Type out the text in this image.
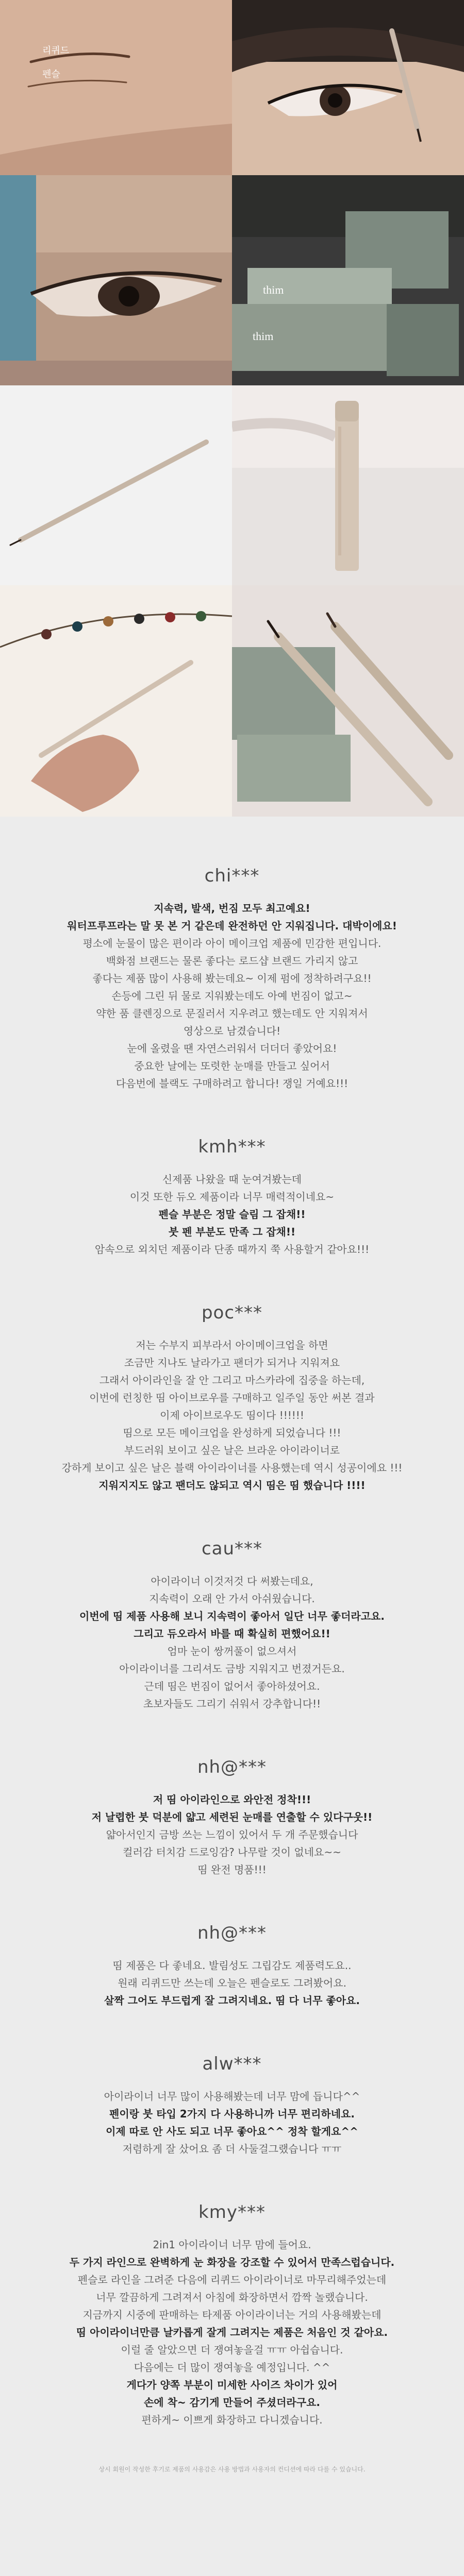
리퀴드
펜슬
thim
thim

chi***

지속력, 발색, 번짐 모두 최고예요!

워터프루프라는 말 못 본 거 같은데 완전하던 안 지워집니다. 대박이에요!

평소에 눈물이 많은 편이라 아이 메이크업 제품에 민감한 편입니다.

백화점 브랜드는 물론 좋다는 로드샵 브랜드 가리지 않고

좋다는 제품 많이 사용해 봤는데요~ 이제 펌에 정착하려구요!!

손등에 그린 뒤 물로 지워봤는데도 아예 번짐이 없고~

약한 품 클렌징으로 문질러서 지우려고 했는데도 안 지워져서

영상으로 남겼습니다!

눈에 올렸을 땐 자연스러워서 더더더 좋았어요!

중요한 날에는 또렷한 눈매를 만들고 싶어서

다음번에 블랙도 구매하려고 합니다! 쟁일 거예요!!!

kmh***

신제품 나왔을 때 눈여겨봤는데

이것 또한 듀오 제품이라 너무 매력적이네요~

펜슬 부분은 정말 슬림 그 잡채!!

붓 펜 부분도 만족 그 잡채!!

암속으로 외치던 제품이라 단종 때까지 쭉 사용할거 같아요!!!

poc***

저는 수부지 피부라서 아이메이크업을 하면

조금만 지나도 날라가고 팬더가 되거나 지워져요

그래서 아이라인을 잘 안 그리고 마스카라에 집중을 하는데,

이번에 런칭한 띰 아이브로우를 구매하고 일주일 동안 써본 결과

이제 아이브로우도 띰이다 !!!!!!

띰으로 모든 메이크업을 완성하게 되었습니다 !!!

부드러워 보이고 싶은 날은 브라운 아이라이너로

강하게 보이고 싶은 날은 블랙 아이라이너를 사용했는데 역시 성공이에요 !!!

지워지지도 않고 팬더도 않되고 역시 띰은 띰 했습니다 !!!!

cau***

아이라이너 이것저것 다 써봤는데요,

지속력이 오래 안 가서 아쉬웠습니다.

이번에 띰 제품 사용해 보니 지속력이 좋아서 일단 너무 좋더라고요.

그리고 듀오라서 바를 때 확실히 편했어요!!

엄마 눈이 쌍꺼풀이 없으셔서

아이라이너를 그리셔도 금방 지워지고 번졌거든요.

근데 띰은 번짐이 없어서 좋아하셨어요.

초보자들도 그리기 쉬워서 강추합니다!!

nh@***

저 띰 아이라인으로 와안전 정착!!!

저 날렵한 붓 덕분에 얇고 세련된 눈매를 연출할 수 있다구웃!!

얇아서인지 금방 쓰는 느낌이 있어서 두 개 주문했습니다

컬러감 터치감 드로잉감? 나무랄 것이 없네요~~

띰 완전 명품!!!

nh@***

띰 제품은 다 좋네요. 발림성도 그립감도 제품력도요..

원래 리퀴드만 쓰는데 오늘은 펜슬로도 그려봤어요.

살짝 그어도 부드럽게 잘 그려지네요. 띰 다 너무 좋아요.

alw***

아이라이너 너무 많이 사용해봤는데 너무 맘에 듭니다^^

펜이랑 붓 타입 2가지 다 사용하니까 너무 편리하네요.

이제 따로 안 사도 되고 너무 좋아요^^ 정착 할게요^^

저렴하게 잘 샀어요 좀 더 사둘걸그랬습니다 ㅠㅠ

kmy***

2in1 아이라이너 너무 맘에 들어요.

두 가지 라인으로 완벽하게 눈 화장을 강조할 수 있어서 만족스럽습니다.

펜슬로 라인을 그려준 다음에 리퀴드 아이라이너로 마무리해주었는데

너무 깔끔하게 그려져서 아침에 화장하면서 깜짝 놀랬습니다.

지금까지 시중에 판매하는 타제품 아이라이너는 거의 사용해봤는데

띰 아이라이너만큼 날카롭게 잘게 그려지는 제품은 처음인 것 같아요.

이럴 줄 알았으면 더 쟁여놓을걸 ㅠㅠ 아쉽습니다.

다음에는 더 많이 쟁여놓을 예정입니다. ^^

게다가 양쪽 부분이 미세한 사이즈 차이가 있어

손에 착~ 감기게 만들어 주셨더라구요.

편하게~ 이쁘게 화장하고 다니겠습니다.

상시 회원이 작성한 후기로 제품의 사용감은 사용 방법과 사용자의 컨디션에 따라 다를 수 있습니다.
